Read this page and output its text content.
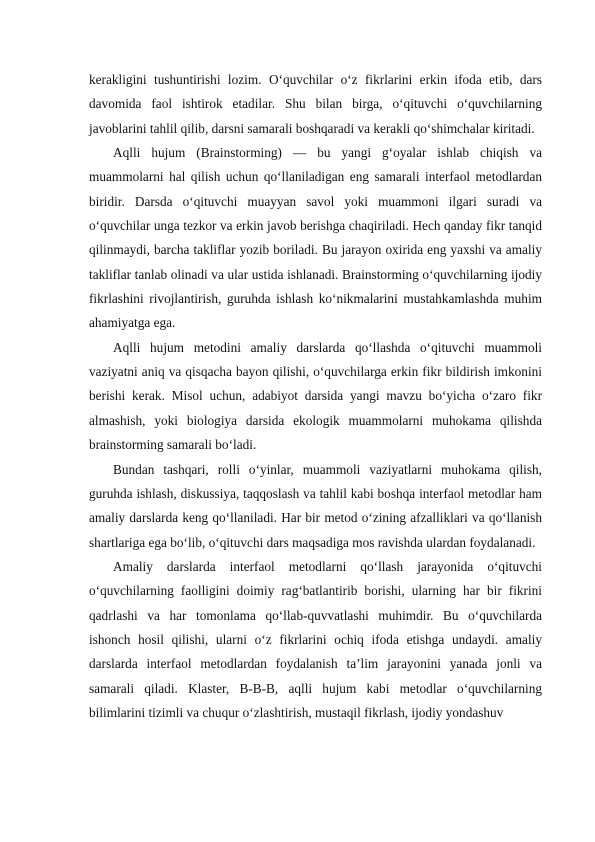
kerakligini tushuntirishi lozim. O‘quvchilar o‘z fikrlarini erkin ifoda etib, dars davomida faol ishtirok etadilar. Shu bilan birga, o‘qituvchi o‘quvchilarning javoblarini tahlil qilib, darsni samarali boshqaradi va kerakli qo‘shimchalar kiritadi.

Aqlli hujum (Brainstorming) — bu yangi g‘oyalar ishlab chiqish va muammolarni hal qilish uchun qo‘llaniladigan eng samarali interfaol metodlardan biridir. Darsda o‘qituvchi muayyan savol yoki muammoni ilgari suradi va o‘quvchilar unga tezkor va erkin javob berishga chaqiriladi. Hech qanday fikr tanqid qilinmaydi, barcha takliflar yozib boriladi. Bu jarayon oxirida eng yaxshi va amaliy takliflar tanlab olinadi va ular ustida ishlanadi. Brainstorming o‘quvchilarning ijodiy fikrlashini rivojlantirish, guruhda ishlash ko‘nikmalarini mustahkamlashda muhim ahamiyatga ega.

Aqlli hujum metodini amaliy darslarda qo‘llashda o‘qituvchi muammoli vaziyatni aniq va qisqacha bayon qilishi, o‘quvchilarga erkin fikr bildirish imkonini berishi kerak. Misol uchun, adabiyot darsida yangi mavzu bo‘yicha o‘zaro fikr almashish, yoki biologiya darsida ekologik muammolarni muhokama qilishda brainstorming samarali bo‘ladi.

Bundan tashqari, rolli o‘yinlar, muammoli vaziyatlarni muhokama qilish, guruhda ishlash, diskussiya, taqqoslash va tahlil kabi boshqa interfaol metodlar ham amaliy darslarda keng qo‘llaniladi. Har bir metod o‘zining afzalliklari va qo‘llanish shartlariga ega bo‘lib, o‘qituvchi dars maqsadiga mos ravishda ulardan foydalanadi.

Amaliy darslarda interfaol metodlarni qo‘llash jarayonida o‘qituvchi o‘quvchilarning faolligini doimiy rag‘batlantirib borishi, ularning har bir fikrini qadrlashi va har tomonlama qo‘llab-quvvatlashi muhimdir. Bu o‘quvchilarda ishonch hosil qilishi, ularni o‘z fikrlarini ochiq ifoda etishga undaydi. amaliy darslarda interfaol metodlardan foydalanish ta’lim jarayonini yanada jonli va samarali qiladi. Klaster, B-B-B, aqlli hujum kabi metodlar o‘quvchilarning bilimlarini tizimli va chuqur o‘zlashtirish, mustaqil fikrlash, ijodiy yondashuv
